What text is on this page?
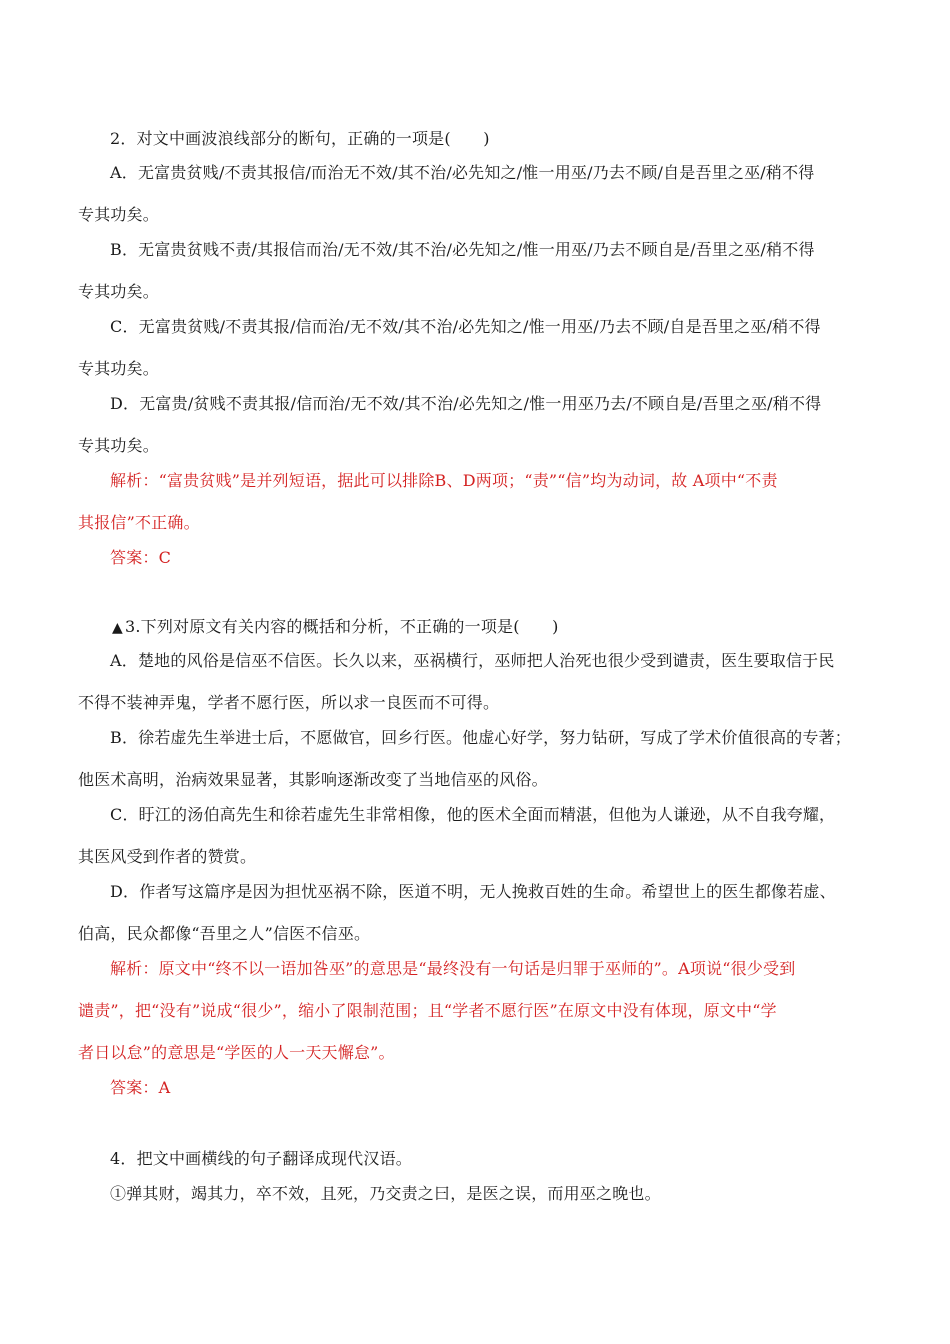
2．对文中画波浪线部分的断句，正确的一项是(　　)
A．无富贵贫贱/不责其报信/而治无不效/其不治/必先知之/惟一用巫/乃去不顾/自是吾里之巫/稍不得
专其功矣。
B．无富贵贫贱不责/其报信而治/无不效/其不治/必先知之/惟一用巫/乃去不顾自是/吾里之巫/稍不得
专其功矣。
C．无富贵贫贱/不责其报/信而治/无不效/其不治/必先知之/惟一用巫/乃去不顾/自是吾里之巫/稍不得
专其功矣。
D．无富贵/贫贱不责其报/信而治/无不效/其不治/必先知之/惟一用巫乃去/不顾自是/吾里之巫/稍不得
专其功矣。
解析：“富贵贫贱”是并列短语，据此可以排除B、D两项；“责”“信”均为动词，故 A项中“不责
其报信”不正确。
答案：C
▲ 3.下列对原文有关内容的概括和分析，不正确的一项是(　　)
A．楚地的风俗是信巫不信医。长久以来，巫祸横行，巫师把人治死也很少受到谴责，医生要取信于民
不得不装神弄鬼，学者不愿行医，所以求一良医而不可得。
B．徐若虚先生举进士后，不愿做官，回乡行医。他虚心好学，努力钻研，写成了学术价值很高的专著；
他医术高明，治病效果显著，其影响逐渐改变了当地信巫的风俗。
C．盱江的汤伯高先生和徐若虚先生非常相像，他的医术全面而精湛，但他为人谦逊，从不自我夸耀，
其医风受到作者的赞赏。
D．作者写这篇序是因为担忧巫祸不除，医道不明，无人挽救百姓的生命。希望世上的医生都像若虚、
伯高，民众都像“吾里之人”信医不信巫。
解析：原文中“终不以一语加咎巫”的意思是“最终没有一句话是归罪于巫师的”。A项说“很少受到
谴责”，把“没有”说成“很少”，缩小了限制范围；且“学者不愿行医”在原文中没有体现，原文中“学
者日以怠”的意思是“学医的人一天天懈怠”。
答案：A
4．把文中画横线的句子翻译成现代汉语。
①弹其财，竭其力，卒不效，且死，乃交责之曰，是医之误，而用巫之晚也。
